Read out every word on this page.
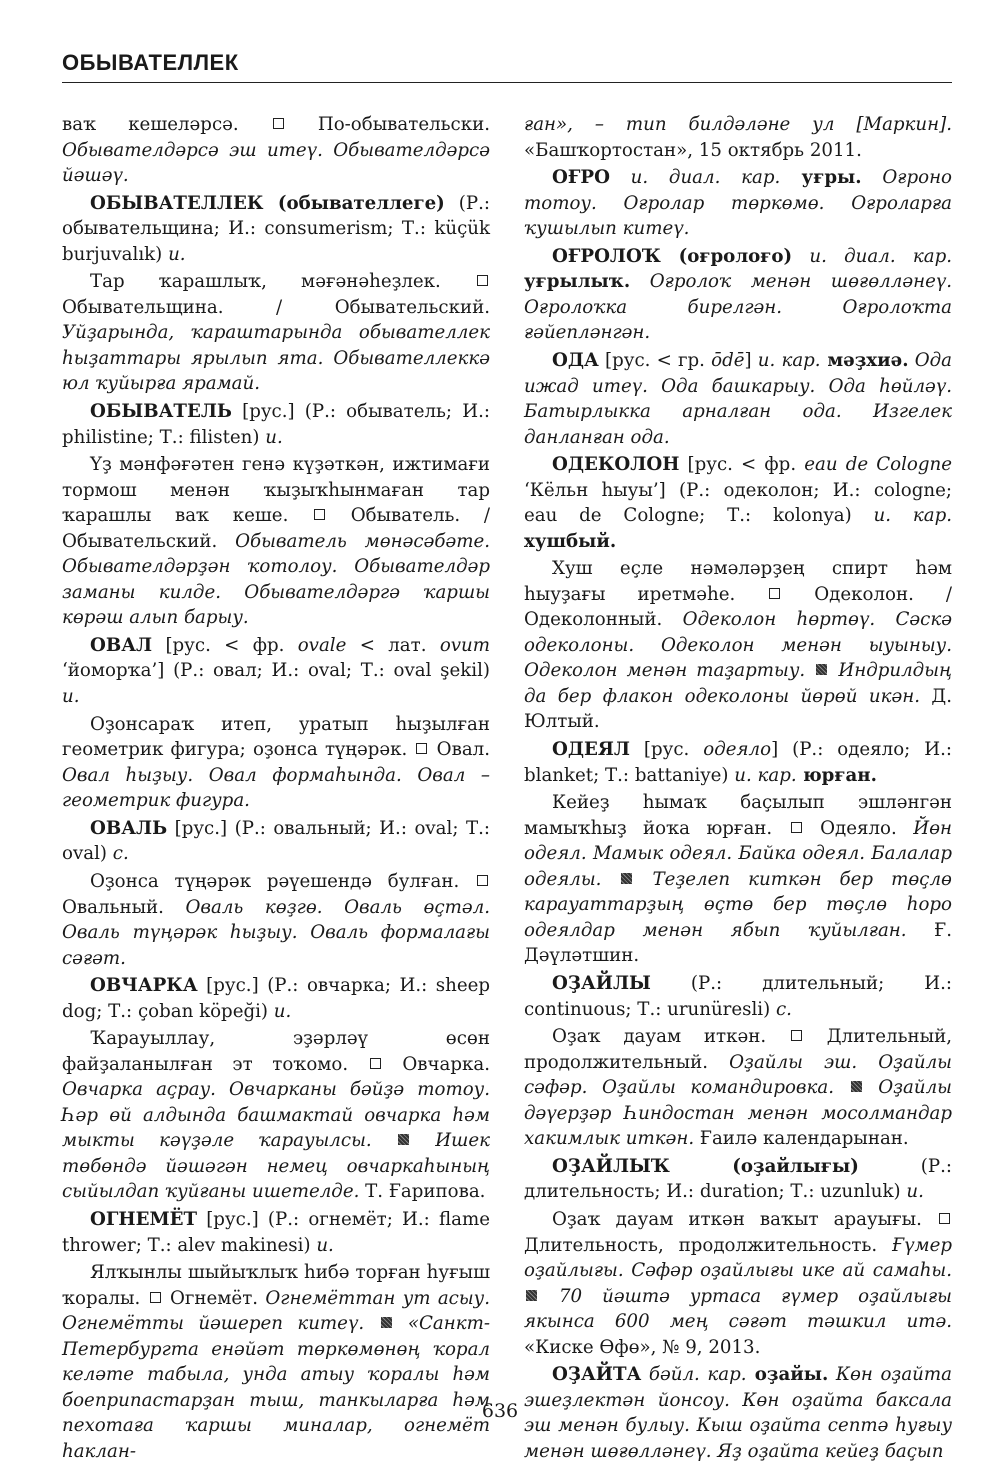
ОБЫВАТЕЛЛЕК

ваҡ кешеләрсә.  По-обывательски. Обывателдәрсә эш итеү. Обывателдәрсә йәшәү.

ОБЫВАТЕЛЛЕК (обывателлеге) (Р.: обывательщина; И.: consumerism; Т.: küçük burjuvalık) и.

Тар ҡарашлыҡ, мәғәнәһеҙлек.  Обывательщина. / Обывательский. Уйҙарында, ҡараштарында обывателлек һыҙаттары ярылып ята. Обывателлеккә юл ҡуйырға ярамай.

ОБЫВАТЕЛЬ [рус.] (Р.: обыватель; И.: philistine; Т.: filisten) и.

Үҙ мәнфәғәтен генә күҙәткән, ижтимағи тормош менән ҡыҙыҡһынмаған тар ҡарашлы ваҡ кеше.  Обыватель. / Обывательский. Обыватель мөнәсәбәте. Обывателдәрҙән ҡотолоу. Обывателдәр заманы килде. Обывателдәргә ҡаршы көрәш алып барыу.

ОВАЛ [рус. < фр. ovale < лат. ovum ‘йоморҡа’] (Р.: овал; И.: oval; Т.: oval şekil) и.

Оҙонсараҡ итеп, уратып һыҙылған геометрик фигура; оҙонса түңәрәк.  Овал. Овал һыҙыу. Овал формаһында. Овал – геометрик фигура.

ОВАЛЬ [рус.] (Р.: овальный; И.: oval; Т.: oval) с.

Оҙонса түңәрәк рәүешендә булған.  Овальный. Оваль көҙгө. Оваль өҫтәл. Оваль түңәрәк һыҙыу. Оваль формалағы сәғәт.

ОВЧАРКА [рус.] (Р.: овчарка; И.: sheep dog; Т.: çoban köpeği) и.

Ҡарауыллау, эҙәрләү өсөн файҙаланылған эт тоҡомо.  Овчарка. Овчарка аҫрау. Овчарканы бәйҙә тотоу. Һәр өй алдында башмактай овчарка һәм мыкты кәүҙәле ҡарауылсы.  Ишек төбөндә йәшәгән немец овчаркаһының сыйылдап ҡуйғаны ишетелде. Т. Ғарипова.

ОГНЕМЁТ [рус.] (Р.: огнемёт; И.: flame thrower; Т.: alev makinesi) и.

Ялҡынлы шыйыҡлыҡ һибә торған һуғыш ҡоралы.  Огнемёт. Огнемёттан ут асыу. Огнемётты йәшереп китеү.  «Санкт-Петербургта енәйәт төркөмөнөң ҡорал келәте табыла, унда атыу ҡоралы һәм боеприпастарҙан тыш, танкыларға һәм пехотаға ҡаршы миналар, огнемёт һаклан-

ған», – тип билдәләне ул [Маркин]. «Башҡортостан», 15 октябрь 2011.

ОҒРО и. диал. кар. уғры. Оғроно тотоу. Оғролар төркөмө. Оғроларға ҡушылып китеү.

ОҒРОЛОҠ (оғролоғо) и. диал. кар. уғрылыҡ. Оғролоҡ менән шөғөлләнеү. Оғролоҡка бирелгән. Оғролоҡта ғәйепләнгән.

ОДА [рус. < гр. ōdē] и. кар. мәҙхиә. Ода ижад итеү. Ода башкарыу. Ода һөйләү. Батырлыкка арналған ода. Изгелек данланған ода.

ОДЕКОЛОН [рус. < фр. eau de Cologne ‘Кёльн һыуы’] (Р.: одеколон; И.: cologne; eau de Cologne; Т.: kolonya) и. кар. хушбый.

Хуш еҫле нәмәләрҙең спирт һәм һыуҙағы иретмәһе.  Одеколон. / Одеколонный. Одеколон һөртөү. Сәскә одеколоны. Одеколон менән ыуыныу. Одеколон менән таҙартыу.  Индрилдың да бер флакон одеколоны йөрөй икән. Д. Юлтый.

ОДЕЯЛ [рус. одеяло] (Р.: одеяло; И.: blanket; Т.: battaniye) и. кар. юрған.

Кейеҙ һымаҡ баҫылып эшләнгән мамыҡһыҙ йоҡа юрған.  Одеяло. Йөн одеял. Мамык одеял. Байка одеял. Балалар одеялы.  Теҙелеп киткән бер төҫлө карауаттарҙың өҫтө бер төҫлө һоро одеялдар менән ябып ҡуйылған. Ғ. Дәүләтшин.

ОҘАЙЛЫ (Р.: длительный; И.: continuous; Т.: urunüresli) с.

Оҙаҡ дауам иткән.  Длительный, продолжительный. Оҙайлы эш. Оҙайлы сәфәр. Оҙайлы командировка.  Оҙайлы дәүерҙәр Һиндостан менән мосолмандар хакимлык иткән. Ғаилә календарынан.

ОҘАЙЛЫҠ (оҙайлығы) (Р.: длительность; И.: duration; Т.: uzunluk) и.

Оҙаҡ дауам иткән ваҡыт арауығы.  Длительность, продолжительность. Ғүмер оҙайлығы. Сәфәр оҙайлығы ике ай самаһы.  70 йәштә уртаса ғүмер оҙайлығы якынса 600 мең сәғәт тәшкил итә. «Киске Өфө», № 9, 2013.

ОҘАЙТА бәйл. кар. оҙайы. Көн оҙайта эшеҙлектән йонсоу. Көн оҙайта баксала эш менән булыу. Кыш оҙайта септә һуғыу менән шөғөлләнеү. Яҙ оҙайта кейеҙ баҫып

636
